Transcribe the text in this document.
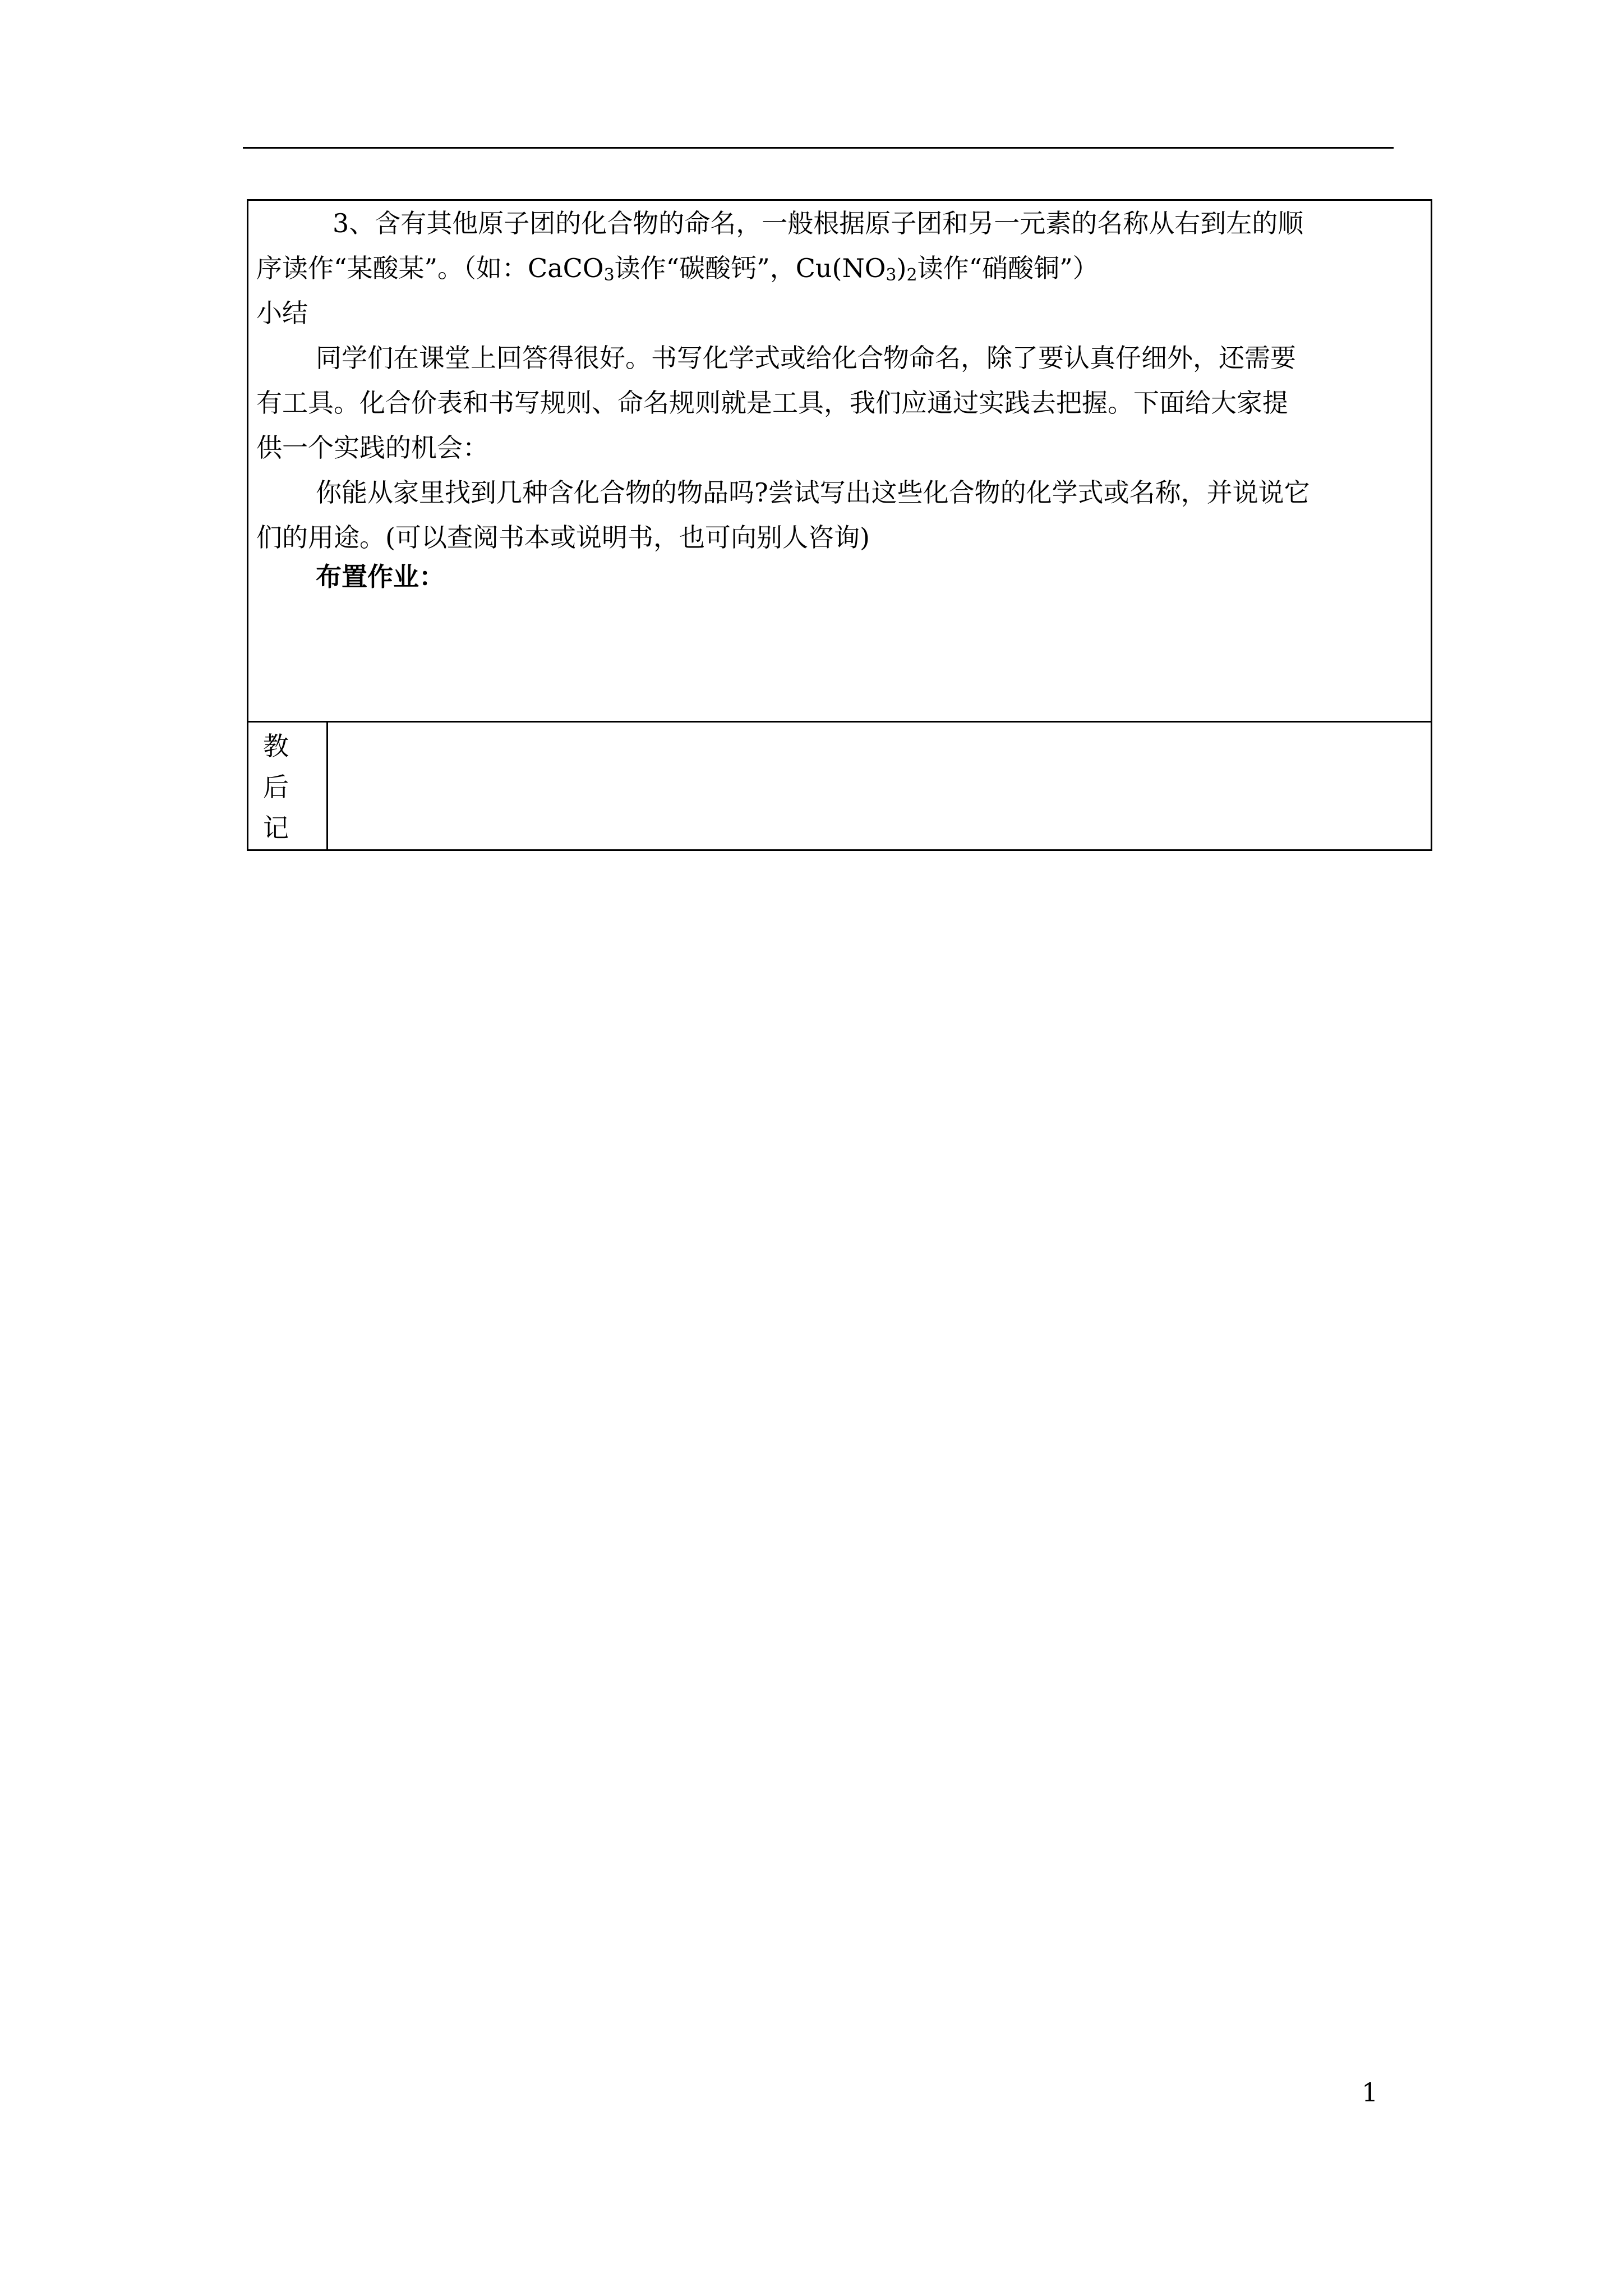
3、含有其他原子团的化合物的命名，一般根据原子团和另一元素的名称从右到左的顺
序读作“某酸某”。（如：CaCO$_3$读作“碳酸钙”，$Cu(NO_3)_2$读作“硝酸铜”）
小结
同学们在课堂上回答得很好。书写化学式或给化合物命名，除了要认真仔细外，还需要
有工具。化合价表和书写规则、命名规则就是工具，我们应通过实践去把握。下面给大家提
供一个实践的机会：
你能从家里找到几种含化合物的物品吗?尝试写出这些化合物的化学式或名称，并说说它
们的用途。(可以查阅书本或说明书，也可向别人咨询)
布置作业：
教
后
记
1
